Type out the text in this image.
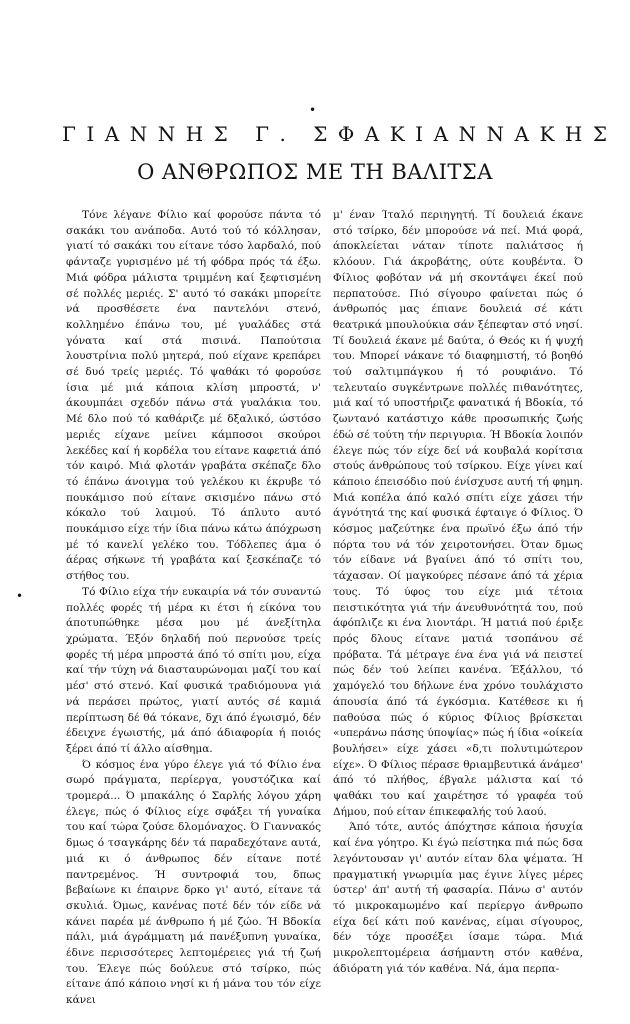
•
•
ΓΙΑΝΝΗΣ Γ. ΣΦΑΚΙΑΝΝΑΚΗΣ
Ο ΑΝΘΡΩΠΟΣ ΜΕ ΤΗ ΒΑΛΙΤΣΑ

Τόνε λέγανε Φίλιο καί φορούσε πάντα τό σακάκι του ανάποδα. Αυτό τού τό κόλλησαν, γιατί τό σακάκι του είτανε τόσο λαρδαλό, πού φάνταζε γυρισμένο μέ τή φόδρα πρός τά έξω. Μιά φόδρα μάλιστα τριμμένη καί ξεφτισμένη σέ πολλές μεριές. Σ' αυτό τό σακάκι μπορείτε νά προσθέσετε ένα παντελόνι στενό, κολλημένο έπάνω του, μέ γυαλάδες στά γόνατα καί στά πισινά. Παπούτσια λουστρίνια πολύ μητερά, πού είχανε κρεπάρει σέ δυό τρείς μεριές. Τό ψαθάκι τό φορούσε ίσια μέ μιά κάποια κλίση μπροστά, ν' άκουμπάει σχεδόν πάνω στά γυαλάκια του. Μέ δλο πού τό καθάριζε μέ δξαλικό, ώστόσο μεριές είχανε μείνει κάμποσοι σκούροι λεκέδες καί ή κορδέλα του είτανε καφετιά άπό τόν καιρό. Μιά φλοτάν γραβάτα σκέπαζε δλο τό έπάνω άνοιγμα τού γελέκου κι έκρυβε τό πουκάμισο πού είτανε σκισμένο πάνω στό κόκαλο τού λαιμού. Τό άπλυτο αυτό πουκάμισο είχε τήν ίδια πάνω κάτω άπόχρωση μέ τό κανελί γελέκο του. Τόδλεπες άμα ό άέρας σήκωνε τή γραβάτα καί ξεσκέπαζε τό στήθος του.

Τό Φίλιο είχα τήν ευκαιρία νά τόν συναντώ πολλές φορές τή μέρα κι έτσι ή είκόνα του άποτυπώθηκε μέσα μου μέ άνεξίτηλα χρώματα. Έξόν δηλαδή πού περνούσε τρείς φορές τή μέρα μπροστά άπό τό σπίτι μου, είχα καί τήν τύχη νά διασταυρώνομαι μαζί του καί μέσ' στό στενό. Καί φυσικά τραδιόμουνα γιά νά περάσει πρώτος, γιατί αυτός σέ καμιά περίπτωση δέ θά τόκανε, δχι άπό έγωισμό, δέν έδειχνε έγωιστής, μά άπό άδιαφορία ή ποιός ξέρει άπό τί άλλο αίσθημα.

Ό κόσμος ένα γύρο έλεγε γιά τό Φίλιο ένα σωρό πράγματα, περίεργα, γουστόζικα καί τρομερά... Ό μπακάλης ό Σαρλής λόγου χάρη έλεγε, πώς ό Φίλιος είχε σφάξει τή γυναίκα του καί τώρα ζούσε δλομόναχος. Ό Γιαννακός δμως ό τσαγκάρης δέν τά παραδεχότανε αυτά, μιά κι ό άνθρωπος δέν είτανε ποτέ παντρεμένος. Ή συντροφιά του, δπως βεβαίωνε κι έπαιρνε δρκο γι' αυτό, είτανε τά σκυλιά. Όμως, κανένας ποτέ δέν τόν είδε νά κάνει παρέα μέ άνθρωπο ή μέ ζώο. Ή Βδοκία πάλι, μιά άγράμματη μά πανέξυπνη γυναίκα, έδινε περισσότερες λεπτομέρειες γιά τή ζωή του. Έλεγε πώς δούλευε στό τσίρκο, πώς είτανε άπό κάποιο νησί κι ή μάνα του τόν είχε κάνει

μ' έναν Ίταλό περιηγητή. Τί δουλειά έκανε στό τσίρκο, δέν μπορούσε νά πεί. Μιά φορά, άποκλείεται νάταν τίποτε παλιάτσος ή κλόουν. Γιά άκροβάτης, ούτε κουβέντα. Ό Φίλιος φοβόταν νά μή σκοντάψει έκεί πού περπατούσε. Πιό σίγουρο φαίνεται πώς ό άνθρωπός μας έπιανε δουλειά σέ κάτι θεατρικά μπουλούκια σάν ξέπεφταν στό νησί. Τί δουλειά έκανε μέ δαύτα, ό Θεός κι ή ψυχή του. Μπορεί νάκανε τό διαφημιστή, τό βοηθό τού σαλτιμπάγκου ή τό ρουφιάνο. Τό τελευταίο συγκέντρωνε πολλές πιθανότητες, μιά καί τό υποστήριζε φανατικά ή Βδοκία, τό ζωντανό κατάστιχο κάθε προσωπικής ζωής έδώ σέ τούτη τήν περιγυρια. Ή Βδοκία λοιπόν έλεγε πώς τόν είχε δεί νά κουβαλά κορίτσια στούς άνθρώπους τού τσίρκου. Είχε γίνει καί κάποιο έπεισόδιο πού ένίσχυσε αυτή τή φημη. Μιά κοπέλα άπό καλό σπίτι είχε χάσει τήν άγνότητά της καί φυσικά έφταιγε ό Φίλιος. Ό κόσμος μαζεύτηκε ένα πρωϊνό έξω άπό τήν πόρτα του νά τόν χειροτονήσει. Όταν δμως τόν είδανε νά βγαίνει άπό τό σπίτι του, τάχασαν. Οί μαγκούρες πέσανε άπό τά χέρια τους. Τό ύφος του είχε μιά τέτοια πειστικότητα γιά τήν άνευθυνότητά του, πού άφόπλιζε κι ένα λιοντάρι. Ή ματιά πού έριξε πρός δλους είτανε ματιά τσοπάνου σέ πρόβατα. Τά μέτραγε ένα ένα γιά νά πειστεί πώς δέν τού λείπει κανένα. Έξάλλου, τό χαμόγελό του δήλωνε ένα χρόνο τουλάχιστο άπουσία άπό τά έγκόσμια. Κατέθεσε κι ή παθούσα πώς ό κύριος Φίλιος βρίσκεται «υπεράνω πάσης ύποψίας» πώς ή ίδια «οίκεία βουλήσει» είχε χάσει «δ,τι πολυτιμώτερον είχε». Ό Φίλιος πέρασε θριαμβευτικά άνάμεσ' άπό τό πλήθος, έβγαλε μάλιστα καί τό ψαθάκι του καί χαιρέτησε τό γραφέα τού Δήμου, πού είταν έπικεφαλής τού λαού.

Άπό τότε, αυτός άπόχτησε κάποια ήσυχία καί ένα γόητρο. Κι έγώ πείστηκα πιά πώς δσα λεγόντουσαν γι' αυτόν είταν δλα ψέματα. Ή πραγματική γνωριμία μας έγινε λίγες μέρες ύστερ' άπ' αυτή τή φασαρία. Πάνω σ' αυτόν τό μικροκαμωμένο καί περίεργο άνθρωπο είχα δεί κάτι πού κανένας, είμαι σίγουρος, δέν τόχε προσέξει ίσαμε τώρα. Μιά μικρολεπτομέρεια άσήμαντη στόν καθένα, άδιόρατη γιά τόν καθένα. Νά, άμα περπα-
